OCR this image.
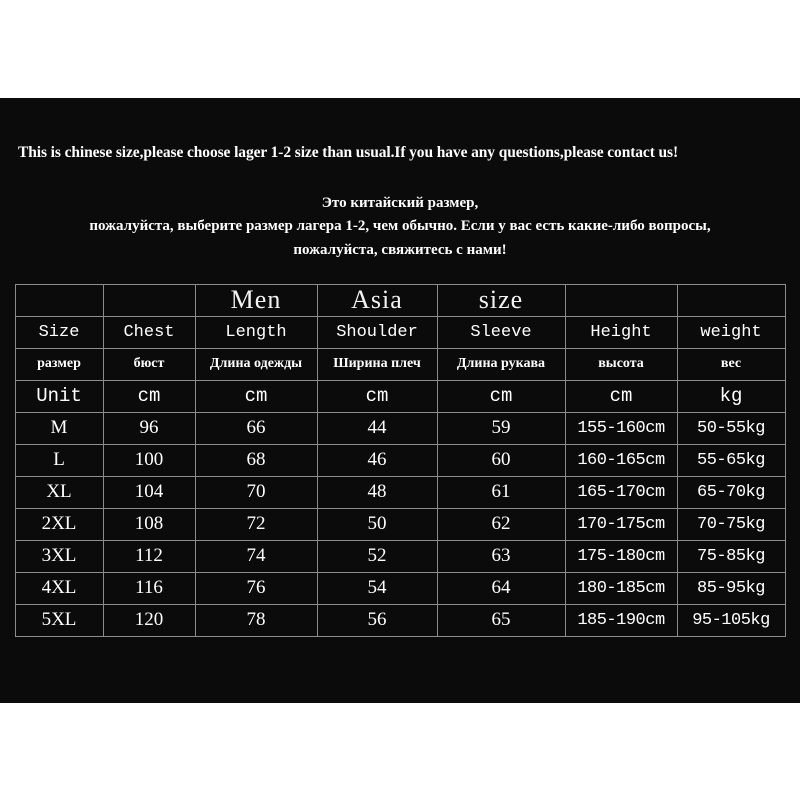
This is chinese size,please choose lager 1-2 size than usual.If you have any questions,please contact us!
Это китайский размер,
пожалуйста, выберите размер лагера 1-2, чем обычно. Если у вас есть какие-либо вопросы,
пожалуйста, свяжитесь с нами!
		Men	Asia	size		
Size	Chest	Length	Shoulder	Sleeve	Height	weight
размер	бюст	Длина одежды	Ширина плеч	Длина рукава	высота	вес
Unit	cm	cm	cm	cm	cm	kg
M	96	66	44	59	155-160cm	50-55kg
L	100	68	46	60	160-165cm	55-65kg
XL	104	70	48	61	165-170cm	65-70kg
2XL	108	72	50	62	170-175cm	70-75kg
3XL	112	74	52	63	175-180cm	75-85kg
4XL	116	76	54	64	180-185cm	85-95kg
5XL	120	78	56	65	185-190cm	95-105kg
